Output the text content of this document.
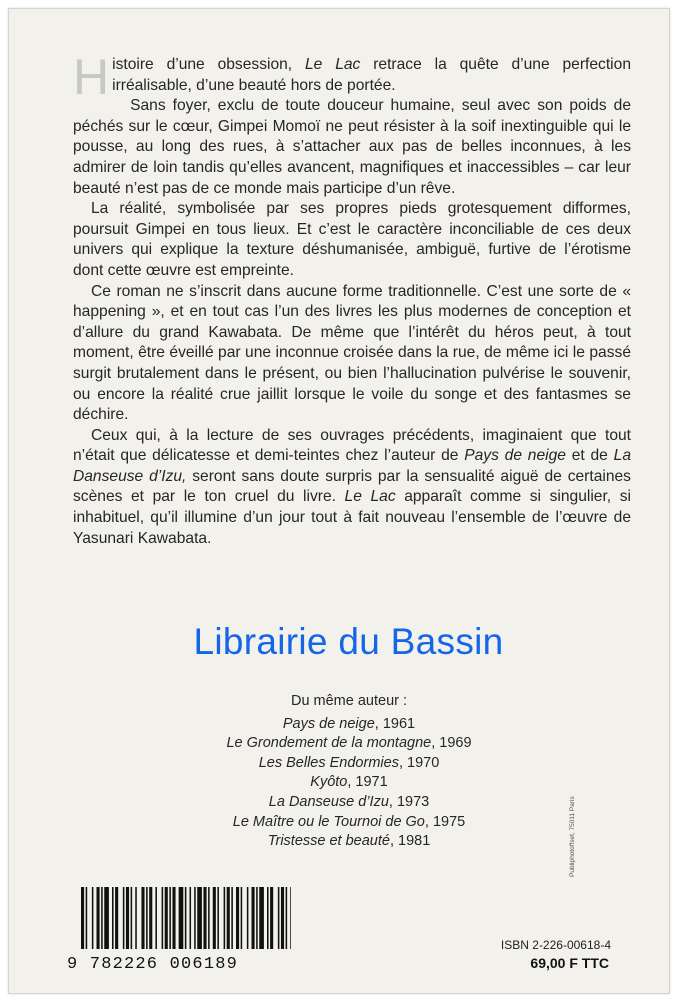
Histoire d’une obsession, Le Lac retrace la quête d’une perfection irréalisable, d’une beauté hors de portée.

Sans foyer, exclu de toute douceur humaine, seul avec son poids de péchés sur le cœur, Gimpei Momoï ne peut résister à la soif inextinguible qui le pousse, au long des rues, à s’attacher aux pas de belles inconnues, à les admirer de loin tandis qu’elles avancent, magnifiques et inaccessibles – car leur beauté n’est pas de ce monde mais participe d’un rêve.

La réalité, symbolisée par ses propres pieds grotesquement difformes, poursuit Gimpei en tous lieux. Et c’est le caractère inconciliable de ces deux univers qui explique la texture déshumanisée, ambiguë, furtive de l’érotisme dont cette œuvre est empreinte.

Ce roman ne s’inscrit dans aucune forme traditionnelle. C’est une sorte de « happening », et en tout cas l’un des livres les plus modernes de conception et d’allure du grand Kawabata. De même que l’intérêt du héros peut, à tout moment, être éveillé par une inconnue croisée dans la rue, de même ici le passé surgit brutalement dans le présent, ou bien l’hallucination pulvérise le souvenir, ou encore la réalité crue jaillit lorsque le voile du songe et des fantasmes se déchire.

Ceux qui, à la lecture de ses ouvrages précédents, imaginaient que tout n’était que délicatesse et demi-teintes chez l’auteur de Pays de neige et de La Danseuse d’Izu, seront sans doute surpris par la sensualité aiguë de certaines scènes et par le ton cruel du livre. Le Lac apparaît comme si singulier, si inhabituel, qu’il illumine d’un jour tout à fait nouveau l’ensemble de l’œuvre de Yasunari Kawabata.

Librairie du Bassin
Du même auteur :
Pays de neige, 1961
Le Grondement de la montagne, 1969
Les Belles Endormies, 1970
Kyôto, 1971
La Danseuse d’Izu, 1973
Le Maître ou le Tournoi de Go, 1975
Tristesse et beauté, 1981
9 782226 006189
Publiphotoffset, 75011 Paris
ISBN 2-226-00618-4
69,00 F TTC
